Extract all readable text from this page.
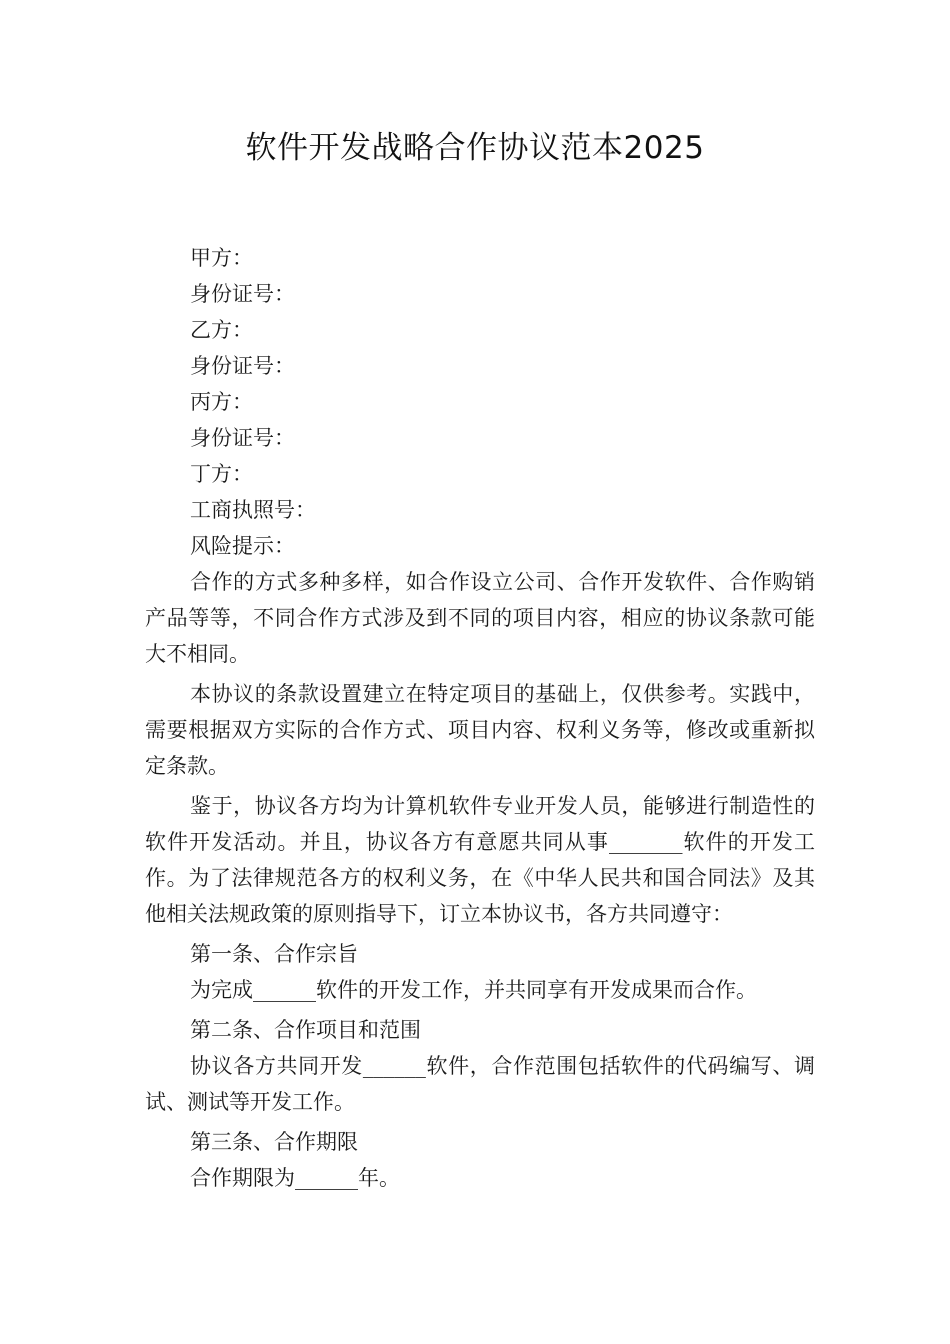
软件开发战略合作协议范本2025

甲方：

身份证号：

乙方：

身份证号：

丙方：

身份证号：

丁方：

工商执照号：

风险提示：

合作的方式多种多样，如合作设立公司、合作开发软件、合作购销产品等等，不同合作方式涉及到不同的项目内容，相应的协议条款可能大不相同。

本协议的条款设置建立在特定项目的基础上，仅供参考。实践中，需要根据双方实际的合作方式、项目内容、权利义务等，修改或重新拟定条款。

鉴于，协议各方均为计算机软件专业开发人员，能够进行制造性的软件开发活动。并且，协议各方有意愿共同从事_______软件的开发工作。为了法律规范各方的权利义务，在《中华人民共和国合同法》及其他相关法规政策的原则指导下，订立本协议书，各方共同遵守：

第一条、合作宗旨

为完成______软件的开发工作，并共同享有开发成果而合作。

第二条、合作项目和范围

协议各方共同开发______软件，合作范围包括软件的代码编写、调试、测试等开发工作。

第三条、合作期限

合作期限为______年。
